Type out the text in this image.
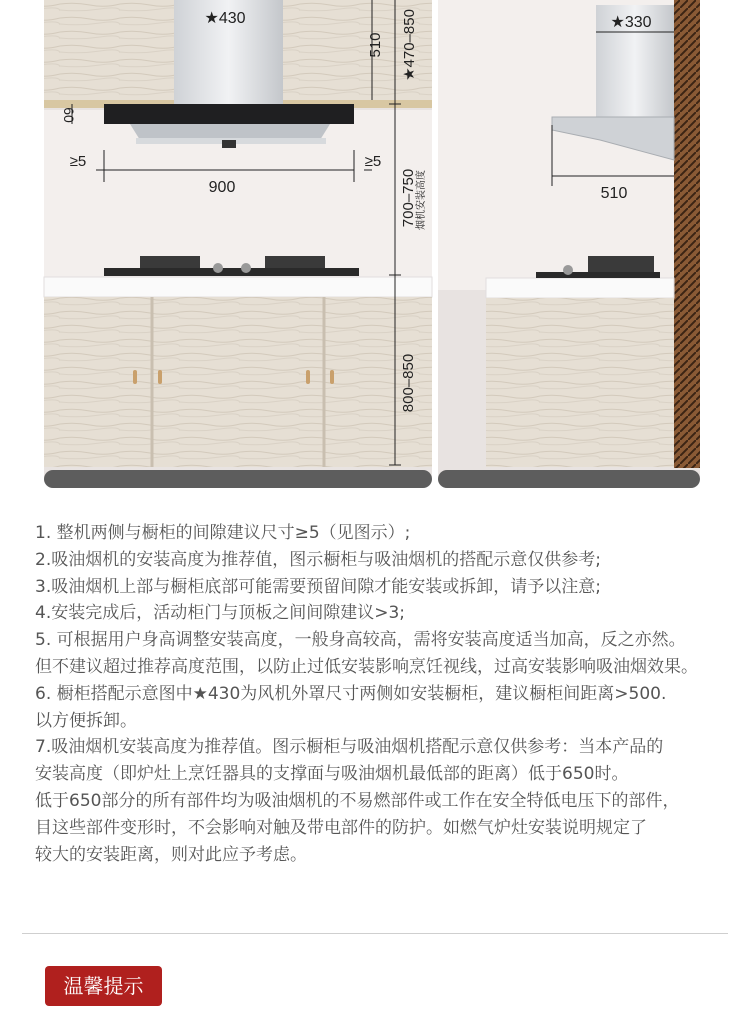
★430
510 ★470–850
60
≥5	≥5
900	700–750 烟机安装高度
800–850
★330
510
1. 整机两侧与橱柜的间隙建议尺寸≥5（见图示）;
2.吸油烟机的安装高度为推荐值，图示橱柜与吸油烟机的搭配示意仅供参考;
3.吸油烟机上部与橱柜底部可能需要预留间隙才能安装或拆卸，请予以注意;
4.安装完成后，活动柜门与顶板之间间隙建议>3;
5. 可根据用户身高调整安装高度，一般身高较高，需将安装高度适当加高，反之亦然。
但不建议超过推荐高度范围，以防止过低安装影响烹饪视线，过高安装影响吸油烟效果。
6. 橱柜搭配示意图中★430为风机外罩尺寸两侧如安装橱柜，建议橱柜间距离>500.
以方便拆卸。
7.吸油烟机安装高度为推荐值。图示橱柜与吸油烟机搭配示意仅供参考：当本产品的
安装高度（即炉灶上烹饪器具的支撑面与吸油烟机最低部的距离）低于650时。
低于650部分的所有部件均为吸油烟机的不易燃部件或工作在安全特低电压下的部件，
目这些部件变形时，不会影响对触及带电部件的防护。如燃气炉灶安装说明规定了
较大的安装距离，则对此应予考虑。
温馨提示
